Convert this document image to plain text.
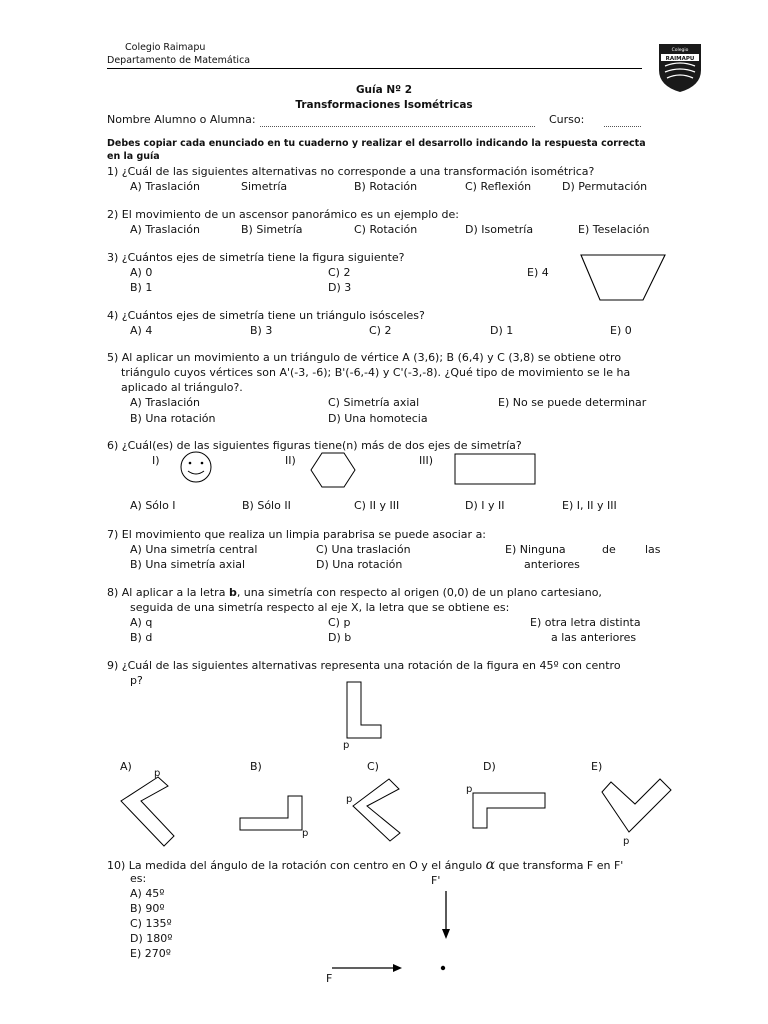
Colegio Raimapu
Departamento de Matemática
Colegio
RAIMAPU
Guía Nº 2
Transformaciones Isométricas
Nombre Alumno o Alumna:	Curso:
Debes copiar cada enunciado en tu cuaderno y realizar el desarrollo indicando la respuesta correcta
en la guía
1) ¿Cuál de las siguientes alternativas no corresponde a una transformación isométrica?
A) Traslación	Simetría	B) Rotación	C) Reflexión	D) Permutación
2) El movimiento de un ascensor panorámico es un ejemplo de:
A) Traslación	B) Simetría	C) Rotación	D) Isometría	E) Teselación
3) ¿Cuántos ejes de simetría tiene la figura siguiente?
A) 0	C) 2	E) 4
B) 1	D) 3
4) ¿Cuántos ejes de simetría tiene un triángulo isósceles?
A) 4	B) 3	C) 2	D) 1	E) 0
5) Al aplicar un movimiento a un triángulo de vértice A (3,6); B (6,4) y C (3,8) se obtiene otro
triángulo cuyos vértices son A'(-3, -6); B'(-6,-4) y C'(-3,-8). ¿Qué tipo de movimiento se le ha
aplicado al triángulo?.
A) Traslación	C) Simetría axial	E) No se puede determinar
B) Una rotación	D) Una homotecia
6) ¿Cuál(es) de las siguientes figuras tiene(n) más de dos ejes de simetría?
I)	II)	III)
A) Sólo I	B) Sólo II	C) II y III	D) I y II	E) I, II y III
7) El movimiento que realiza un limpia parabrisa se puede asociar a:
A) Una simetría central	C) Una traslación	E) Ninguna	de	las
B) Una simetría axial	D) Una rotación	anteriores
8) Al aplicar a la letra b, una simetría con respecto al origen (0,0) de un plano cartesiano,
seguida de una simetría respecto al eje X, la letra que se obtiene es:
A) q	C) p	E) otra letra distinta
B) d	D) b	a las anteriores
9) ¿Cuál de las siguientes alternativas representa una rotación de la figura en 45º con centro
p?
p
A)	B)	C)	D)	E)
p
p
p
p
p
10) La medida del ángulo de la rotación con centro en O y el ángulo α que transforma F en F'
es:	F'
A) 45º
B) 90º
C) 135º
D) 180º
E) 270º
F
